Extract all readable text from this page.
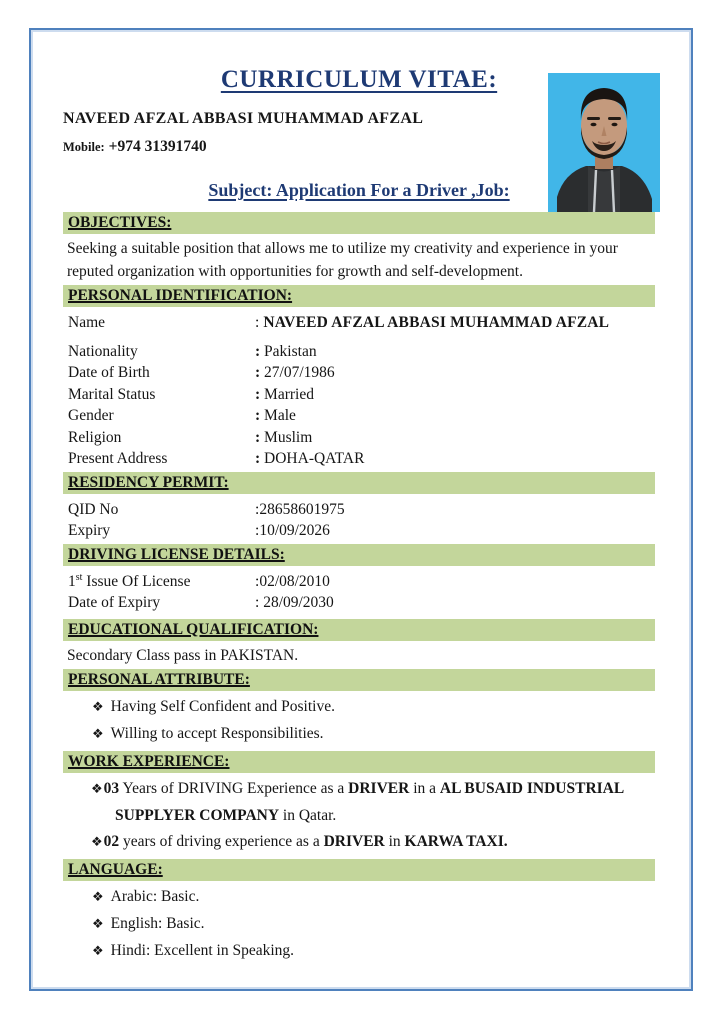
CURRICULUM VITAE:
NAVEED AFZAL ABBASI MUHAMMAD AFZAL
Mobile: +974 31391740
Subject: Application For a Driver ,Job:
OBJECTIVES:

Seeking a suitable position that allows me to utilize my creativity and experience in your reputed organization with opportunities for growth and self-development.

PERSONAL IDENTIFICATION:
Name	: NAVEED AFZAL ABBASI MUHAMMAD AFZAL
Nationality	: Pakistan
Date of Birth	: 27/07/1986
Marital Status	: Married
Gender	: Male
Religion	: Muslim
Present Address	: DOHA-QATAR
RESIDENCY PERMIT:
QID No	: 28658601975
Expiry	: 10/09/2026
DRIVING LICENSE DETAILS:
1st Issue Of License	: 02/08/2010
Date of Expiry	: 28/09/2030
EDUCATIONAL QUALIFICATION:

Secondary Class pass in PAKISTAN.

PERSONAL ATTRIBUTE:
❖ Having Self Confident and Positive.
❖ Willing to accept Responsibilities.
WORK EXPERIENCE:
❖03 Years of DRIVING Experience as a DRIVER in a AL BUSAID INDUSTRIAL SUPPLYER COMPANY in Qatar.
❖02 years of driving experience as a DRIVER in KARWA TAXI.
LANGUAGE:
❖ Arabic: Basic.
❖ English: Basic.
❖ Hindi: Excellent in Speaking.
